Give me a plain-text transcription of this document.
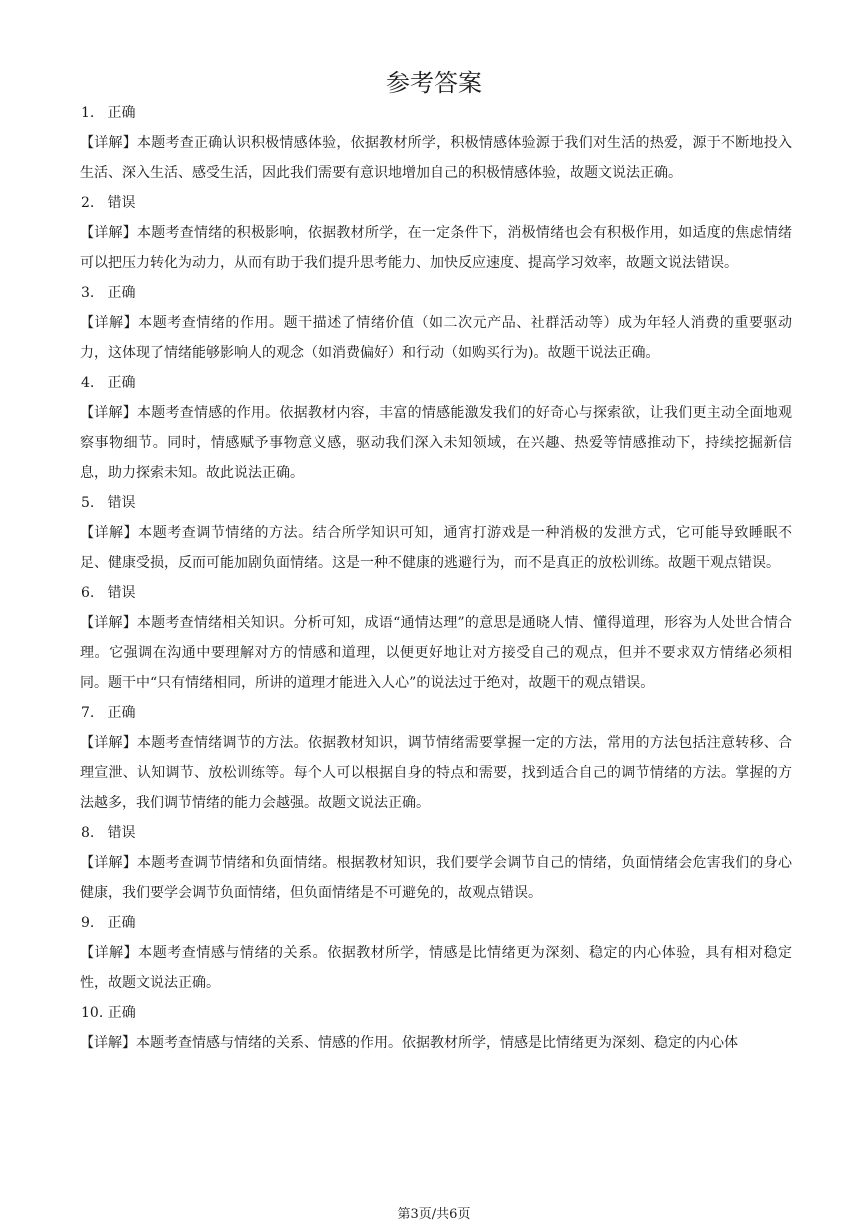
参考答案
1. 正确

【详解】本题考查正确认识积极情感体验，依据教材所学，积极情感体验源于我们对生活的热爱，源于不断地投入生活、深入生活、感受生活，因此我们需要有意识地增加自己的积极情感体验，故题文说法正确。

2. 错误

【详解】本题考查情绪的积极影响，依据教材所学，在一定条件下，消极情绪也会有积极作用，如适度的焦虑情绪可以把压力转化为动力，从而有助于我们提升思考能力、加快反应速度、提高学习效率，故题文说法错误。

3. 正确

【详解】本题考查情绪的作用。题干描述了情绪价值（如二次元产品、社群活动等）成为年轻人消费的重要驱动力，这体现了情绪能够影响人的观念（如消费偏好）和行动（如购买行为)。故题干说法正确。

4. 正确

【详解】本题考查情感的作用。依据教材内容，丰富的情感能激发我们的好奇心与探索欲，让我们更主动全面地观察事物细节。同时，情感赋予事物意义感，驱动我们深入未知领域，在兴趣、热爱等情感推动下，持续挖掘新信息，助力探索未知。故此说法正确。

5. 错误

【详解】本题考查调节情绪的方法。结合所学知识可知，通宵打游戏是一种消极的发泄方式，它可能导致睡眠不足、健康受损，反而可能加剧负面情绪。这是一种不健康的逃避行为，而不是真正的放松训练。故题干观点错误。

6. 错误

【详解】本题考查情绪相关知识。分析可知，成语“通情达理”的意思是通晓人情、懂得道理，形容为人处世合情合理。它强调在沟通中要理解对方的情感和道理，以便更好地让对方接受自己的观点，但并不要求双方情绪必须相同。题干中“只有情绪相同，所讲的道理才能进入人心”的说法过于绝对，故题干的观点错误。

7. 正确

【详解】本题考查情绪调节的方法。依据教材知识，调节情绪需要掌握一定的方法，常用的方法包括注意转移、合理宣泄、认知调节、放松训练等。每个人可以根据自身的特点和需要，找到适合自己的调节情绪的方法。掌握的方法越多，我们调节情绪的能力会越强。故题文说法正确。

8. 错误

【详解】本题考查调节情绪和负面情绪。根据教材知识，我们要学会调节自己的情绪，负面情绪会危害我们的身心健康，我们要学会调节负面情绪，但负面情绪是不可避免的，故观点错误。

9. 正确

【详解】本题考查情感与情绪的关系。依据教材所学，情感是比情绪更为深刻、稳定的内心体验，具有相对稳定性，故题文说法正确。

10. 正确

【详解】本题考查情感与情绪的关系、情感的作用。依据教材所学，情感是比情绪更为深刻、稳定的内心体

第3页/共6页
